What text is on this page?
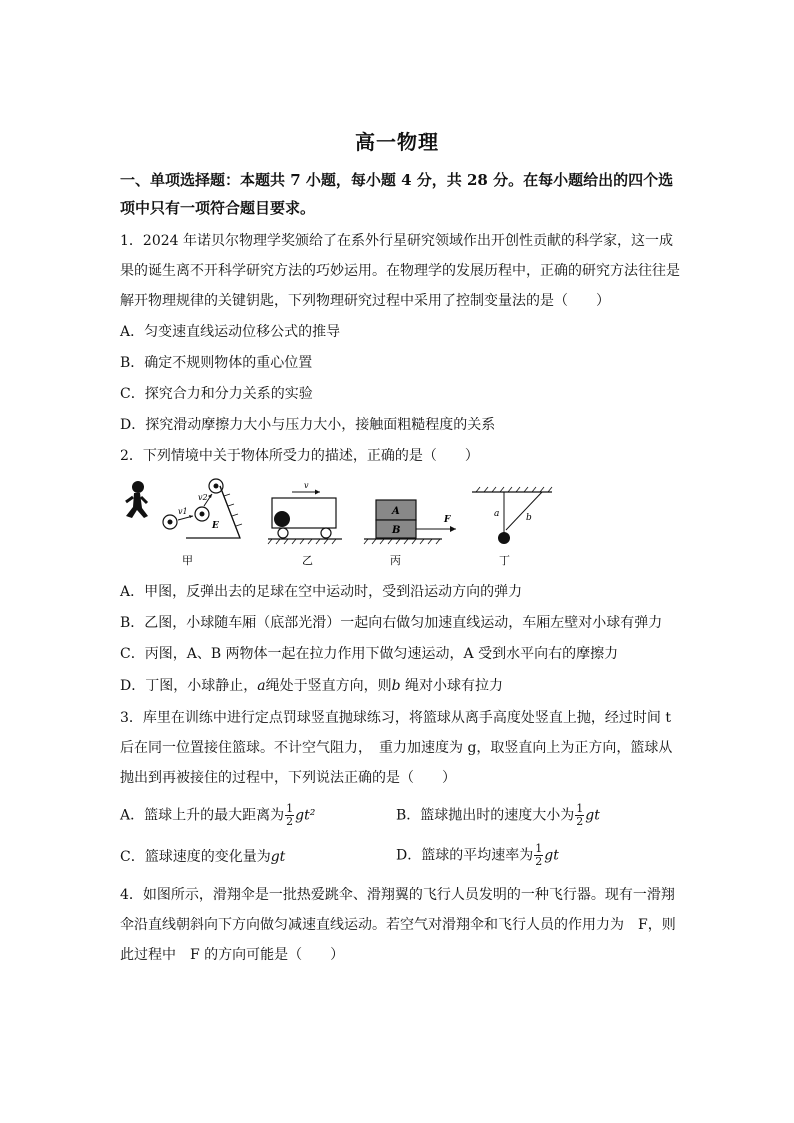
高一物理
一、单项选择题：本题共 7 小题，每小题 4 分，共 28 分。在每小题给出的四个选项中只有一项符合题目要求。
1．2024 年诺贝尔物理学奖颁给了在系外行星研究领域作出开创性贡献的科学家，这一成果的诞生离不开科学研究方法的巧妙运用。在物理学的发展历程中，正确的研究方法往往是解开物理规律的关键钥匙，下列物理研究过程中采用了控制变量法的是（　　）
A．匀变速直线运动位移公式的推导
B．确定不规则物体的重心位置
C．探究合力和分力关系的实验
D．探究滑动摩擦力大小与压力大小，接触面粗糙程度的关系
2．下列情境中关于物体所受力的描述，正确的是（　　）
v1
v2
E
甲
v
乙
A
B
F
丙
a	b
丁
A．甲图，反弹出去的足球在空中运动时，受到沿运动方向的弹力
B．乙图，小球随车厢（底部光滑）一起向右做匀加速直线运动，车厢左壁对小球有弹力
C．丙图，A、B 两物体一起在拉力作用下做匀速运动，A 受到水平向右的摩擦力
D．丁图，小球静止，a绳处于竖直方向，则b 绳对小球有拉力
3．库里在训练中进行定点罚球竖直抛球练习，将篮球从离手高度处竖直上抛，经过时间 t 后在同一位置接住篮球。不计空气阻力，　重力加速度为 g，取竖直向上为正方向，篮球从抛出到再被接住的过程中，下列说法正确的是（　　）
A．篮球上升的最大距离为 $\frac{1}{2} gt^2$	B．篮球抛出时的速度大小为 $\frac{1}{2}$ gt
C．篮球速度的变化量为gt	D．篮球的平均速率为 $\frac{1}{2}$ gt
4．如图所示，滑翔伞是一批热爱跳伞、滑翔翼的飞行人员发明的一种飞行器。现有一滑翔伞沿直线朝斜向下方向做匀减速直线运动。若空气对滑翔伞和飞行人员的作用力为　F，则此过程中　F 的方向可能是（　　）
